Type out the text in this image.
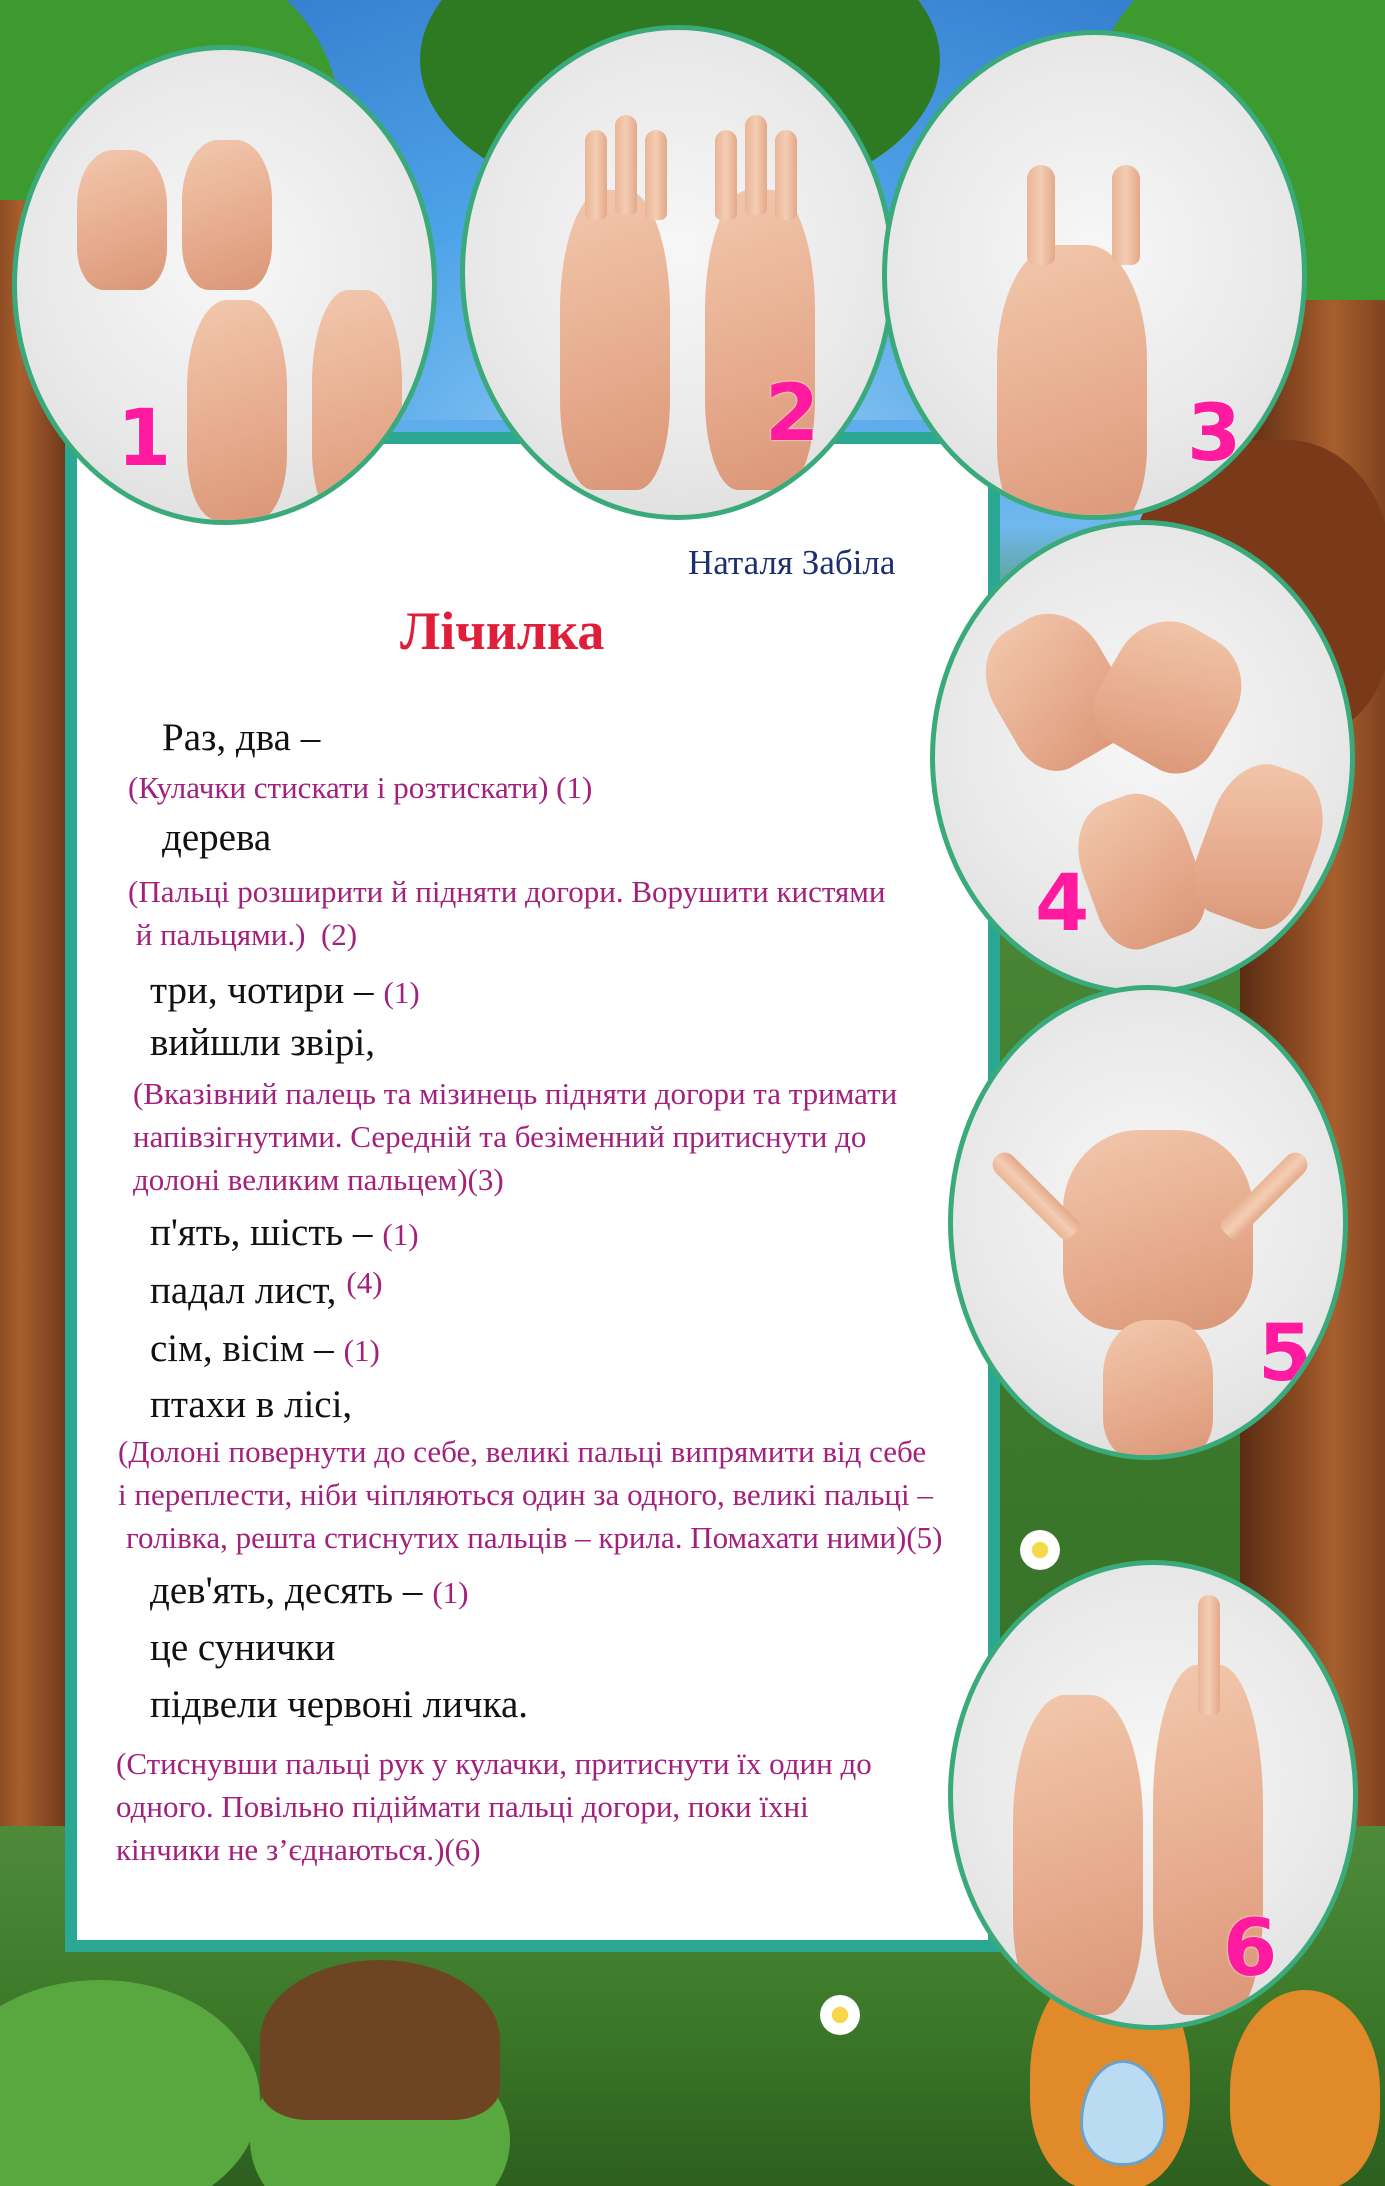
Наталя Забіла
Лічилка
Раз, два –
(Кулачки стискати і розтискати) (1)
дерева
(Пальці розширити й підняти догори. Ворушити кистями
й пальцями.)  (2)
три, чотири – (1)
вийшли звірі,
(Вказівний палець та мізинець підняти догори та тримати
напівзігнутими. Середній та безіменний притиснути до
долоні великим пальцем)(3)
п'ять, шість – (1)
падал лист, $^{(4)}$
сім, вісім – (1)
птахи в лісі,
(Долоні повернути до себе, великі пальці випрямити від себе
і переплести, ніби чіпляються один за одного, великі пальці –
голівка, решта стиснутих пальців – крила. Помахати ними)(5)
дев'ять, десять – (1)
це сунички
підвели червоні личка.
(Стиснувши пальці рук у кулачки, притиснути їх один до
одного. Повільно підіймати пальці догори, поки їхні
кінчики не з’єднаються.)(6)
1	2	3
4
5
6
